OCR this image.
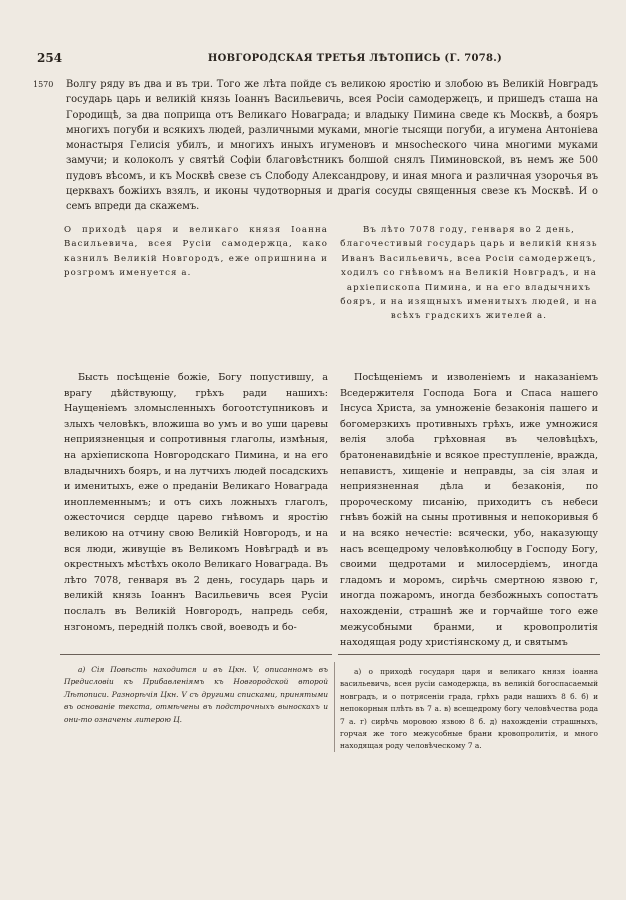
254	НОВГОРОДСКАЯ ТРЕТЬЯ ЛѢТОПИСЬ (Г. 7078.)
1570 Волгу ряду въ два и въ три. Того же лѣта пойде съ великою яростію и злобою въ Великій Новградъ государь царь и великій князь Іоаннъ Васильевичь, всея Росіи самодержецъ, и пришедъ сташа на Городищѣ, за два поприща отъ Великаго Новаграда; и владыку Пимина сведе къ Москвѣ, а бояръ многихъ погуби и всякихъ людей, различными муками, многіе тысящи погуби, а игумена Антоніева монастыря Гелисія убилъ, и многихъ иныхъ игуменовъ и мнsocheского чина многими муками замучи; и колоколъ у святѣй Софіи благовѣстникъ болшой снялъ Пиминовской, въ немъ же 500 пудовъ вѣсомъ, и къ Москвѣ свезе съ Слободу Александрову, и иная многа и различная узорочья въ церквахъ божіихъ взялъ, и иконы чудотворныя и драгія сосуды священныя свезе къ Москвѣ. И о семъ впреди да скажемъ.
О приходѣ царя и великаго князя Іоанна Васильевича, всея Русіи самодержца, како казнилъ Великій Новгородъ, еже опришнина и розгромъ именуется а.
Въ лѣто 7078 году, генваря во 2 день, благочестивый государь царь и великій князь Иванъ Васильевичь, всеа Росіи самодержецъ, ходилъ со гнѣвомъ на Великій Новградъ, и на архіепископа Пимина, и на его владычнихъ бояръ, и на изящныхъ именитыхъ людей, и на всѣхъ градскихъ жителей а.
Бысть посѣщеніе божіе, Богу попустившу, а врагу дѣйствующу, грѣхъ ради нашихъ: Наущеніемъ зломысленныхъ богоотступниковъ и злыхъ человѣкъ, вложиша во умъ и во уши царевы неприязненцыя и сопротивныя глаголы, измѣныя, на архіепископа Новгородскаго Пимина, и на его владычнихъ бояръ, и на лутчихъ людей посадскихъ и именитыхъ, еже о преданіи Великаго Новаграда иноплеменнымъ; и отъ сихъ ложныхъ глаголъ, ожесточися сердце царево гнѣвомъ и яростію великою на отчину свою Великій Новгородъ, и на вся люди, живущіе въ Великомъ Новѣградѣ и въ окрестныхъ мѣстѣхъ около Великаго Новаграда. Въ лѣто 7078, генваря въ 2 день, государь царь и великій князь Іоаннъ Васильевичь всея Русіи послалъ въ Великій Новгородъ, напредь себя, нзгономъ, передній полкъ свой, воеводъ и бо-
Посѣщеніемъ и изволеніемъ и наказаніемъ Вседержителя Господа Бога и Спаса нашего Інсуса Христа, за умноженіе безакoнія пашего и богомерзкихъ противныхъ грѣхъ, иже умножися велія злоба грѣховная въ человѣцѣхъ, братоненавидѣніе и всякое преступленіе, вражда, непавистъ, хищеніе и неправды, за сія злая и неприязненная дѣла и безаконія, по пророческому писанію, приходитъ съ небеси гнѣвъ божій на сыны противныя и непокоривыя б и на всяко нечестіе: всячески, убо, наказующу насъ всещедрому человѣколюбцу в Господу Богу, своими щедротами и милосердіемъ, иногда гладомъ и моромъ, сирѣчь смертною язвою г, иногда пожаромъ, иногда безбожныхъ сопостатъ нахожденіи, страшнѣ же и горчайше того еже межусобными бранми, и кровопролитія находящая роду христіянскому д, и святымъ
а) Сія Повѣсть находится и въ Цкн. V, описанномъ въ Предисловіи къ Прибавленіямъ къ Новгородской второй Лѣтописи. Разнорѣчія Цкн. V съ другими списками, принятыми въ основаніе текста, отмѣчены въ подстрочныхъ выноскахъ и они-то означены литерою Ц.
а) о приходѣ государя царя и великаго князя іоанна васильевичь, всея русіи самодержца, въ великій богоспасаемый новградъ, и о потрясеніи града, грѣхъ ради нашихъ 8 б. б) и непокорныя плѣть въ 7 а. в) всещедрому богу человѣчества рода 7 а. г) сирѣчь моровою язвою 8 б. д) нахожденіи страшныхъ, горчая же того межусобные брани кровопролитія, и много находящая роду человѣческому 7 а.
